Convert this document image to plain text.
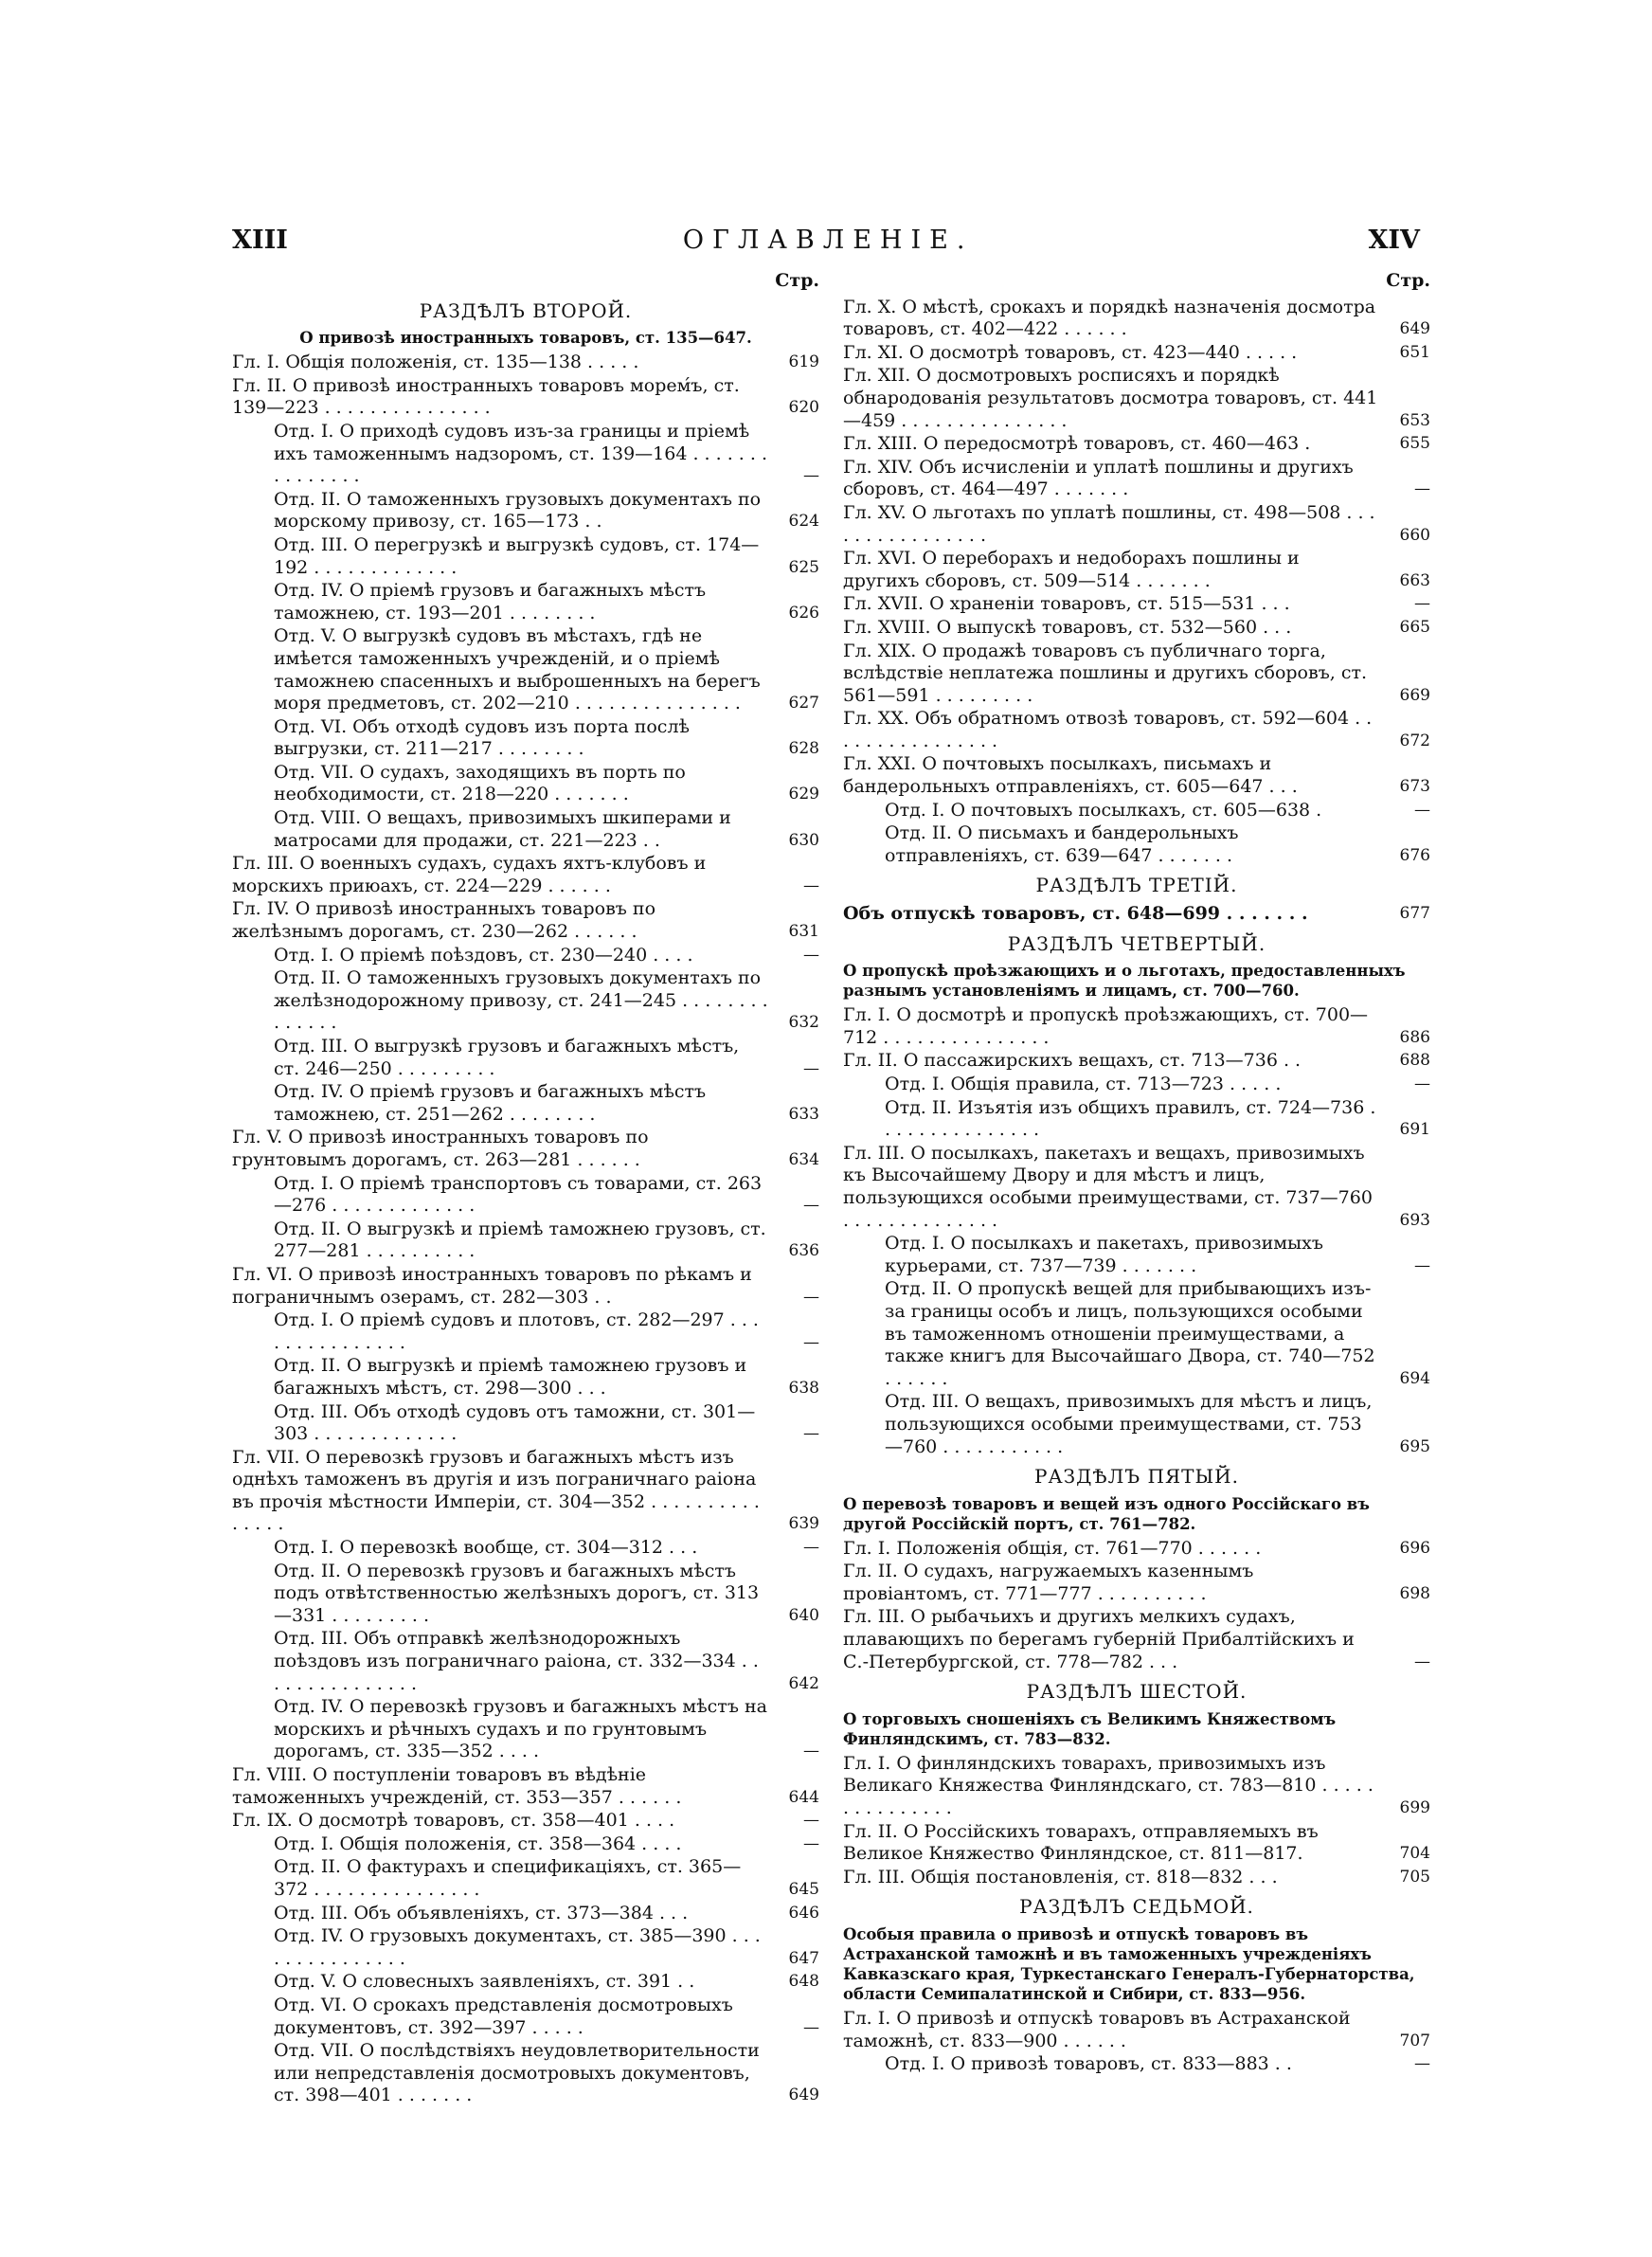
XIII	ОГЛАВЛЕНІЕ.	XIV
Стр.
РАЗДѢЛЪ ВТОРОЙ.
О привозѣ иностранныхъ товаровъ, ст. 135—647.
Гл. I. Общія положенія, ст. 135—138 . . . . .	619
Гл. II. О привозѣ иностранныхъ товаровъ морем́ъ, ст. 139—223 . . . . . . . . . . . . . . .	620
Отд. I. О приходѣ судовъ изъ-за границы и пріемѣ ихъ таможеннымъ надзоромъ, ст. 139—164 . . . . . . . . . . . . . . .	—
Отд. II. О таможенныхъ грузовыхъ документахъ по морскому привозу, ст. 165—173 . .	624
Отд. III. О перегрузкѣ и выгрузкѣ судовъ, ст. 174—192 . . . . . . . . . . . . .	625
Отд. IV. О пріемѣ грузовъ и багажныхъ мѣстъ таможнею, ст. 193—201 . . . . . . . .	626
Отд. V. О выгрузкѣ судовъ въ мѣстахъ, гдѣ не имѣется таможенныхъ учрежденій, и о пріемѣ таможнею спасенныхъ и выброшенныхъ на берегъ моря предметовъ, ст. 202—210 . . . . . . . . . . . . . . .	627
Отд. VI. Объ отходѣ судовъ изъ порта послѣ выгрузки, ст. 211—217 . . . . . . . .	628
Отд. VII. О судахъ, заходящихъ въ порть по необходимости, ст. 218—220 . . . . . . .	629
Отд. VIII. О вещахъ, привозимыхъ шкиперами и матросами для продажи, ст. 221—223 . .	630
Гл. III. О военныхъ судахъ, судахъ яхтъ-клубовъ и морскихъ приюахъ, ст. 224—229 . . . . . .	—
Гл. IV. О привозѣ иностранныхъ товаровъ по желѣзнымъ дорогамъ, ст. 230—262 . . . . . .	631
Отд. I. О пріемѣ поѣздовъ, ст. 230—240 . . . .	—
Отд. II. О таможенныхъ грузовыхъ документахъ по желѣзнодорожному привозу, ст. 241—245 . . . . . . . . . . . . . .	632
Отд. III. О выгрузкѣ грузовъ и багажныхъ мѣстъ, ст. 246—250 . . . . . . . . .	—
Отд. IV. О пріемѣ грузовъ и багажныхъ мѣстъ таможнею, ст. 251—262 . . . . . . . .	633
Гл. V. О привозѣ иностранныхъ товаровъ по грунтовымъ дорогамъ, ст. 263—281 . . . . . .	634
Отд. I. О пріемѣ транспортовъ съ товарами, ст. 263—276 . . . . . . . . . . . . .	—
Отд. II. О выгрузкѣ и пріемѣ таможнею грузовъ, ст. 277—281 . . . . . . . . . .	636
Гл. VI. О привозѣ иностранныхъ товаровъ по рѣкамъ и пограничнымъ озерамъ, ст. 282—303 . .	—
Отд. I. О пріемѣ судовъ и плотовъ, ст. 282—297 . . . . . . . . . . . . . . .	—
Отд. II. О выгрузкѣ и пріемѣ таможнею грузовъ и багажныхъ мѣстъ, ст. 298—300 . . .	638
Отд. III. Объ отходѣ судовъ отъ таможни, ст. 301—303 . . . . . . . . . . . . .	—
Гл. VII. О перевозкѣ грузовъ и багажныхъ мѣстъ изъ однѣхъ таможенъ въ другія и изъ пограничнаго раіона въ прочія мѣстности Имперіи, ст. 304—352 . . . . . . . . . . . . . . .	639
Отд. I. О перевозкѣ вообще, ст. 304—312 . . .	—
Отд. II. О перевозкѣ грузовъ и багажныхъ мѣстъ подъ отвѣтственностью желѣзныхъ дорогъ, ст. 313—331 . . . . . . . . .	640
Отд. III. Объ отправкѣ желѣзнодорожныхъ поѣздовъ изъ пограничнаго раіона, ст. 332—334 . . . . . . . . . . . . . . .	642
Отд. IV. О перевозкѣ грузовъ и багажныхъ мѣстъ на морскихъ и рѣчныхъ судахъ и по грунтовымъ дорогамъ, ст. 335—352 . . . .	—
Гл. VIII. О поступленіи товаровъ въ вѣдѣніе таможенныхъ учрежденій, ст. 353—357 . . . . . .	644
Гл. IX. О досмотрѣ товаровъ, ст. 358—401 . . . .	—
Отд. I. Общія положенія, ст. 358—364 . . . .	—
Отд. II. О фактурахъ и спецификаціяхъ, ст. 365—372 . . . . . . . . . . . . . . .	645
Отд. III. Объ объявленіяхъ, ст. 373—384 . . .	646
Отд. IV. О грузовыхъ документахъ, ст. 385—390 . . . . . . . . . . . . . . .	647
Отд. V. О словесныхъ заявленіяхъ, ст. 391 . .	648
Отд. VI. О срокахъ представленія досмотровыхъ документовъ, ст. 392—397 . . . . .	—
Отд. VII. О послѣдствіяхъ неудовлетворительности или непредставленія досмотровыхъ документовъ, ст. 398—401 . . . . . . .	649
Стр.
Гл. X. О мѣстѣ, срокахъ и порядкѣ назначенія досмотра товаровъ, ст. 402—422 . . . . . .	649
Гл. XI. О досмотрѣ товаровъ, ст. 423—440 . . . . .	651
Гл. XII. О досмотровыхъ росписяхъ и порядкѣ обнародованія результатовъ досмотра товаровъ, ст. 441—459 . . . . . . . . . . . . . . .	653
Гл. XIII. О передосмотрѣ товаровъ, ст. 460—463 .	655
Гл. XIV. Объ исчисленіи и уплатѣ пошлины и другихъ сборовъ, ст. 464—497 . . . . . . .	—
Гл. XV. О льготахъ по уплатѣ пошлины, ст. 498—508 . . . . . . . . . . . . . . . .	660
Гл. XVI. О переборахъ и недоборахъ пошлины и другихъ сборовъ, ст. 509—514 . . . . . . .	663
Гл. XVII. О храненіи товаровъ, ст. 515—531 . . .	—
Гл. XVIII. О выпускѣ товаровъ, ст. 532—560 . . .	665
Гл. XIX. О продажѣ товаровъ съ публичнаго торга, вслѣдствіе неплатежа пошлины и другихъ сборовъ, ст. 561—591 . . . . . . . . .	669
Гл. XX. Объ обратномъ отвозѣ товаровъ, ст. 592—604 . . . . . . . . . . . . . . . .	672
Гл. XXI. О почтовыхъ посылкахъ, письмахъ и бандерольныхъ отправленіяхъ, ст. 605—647 . . .	673
Отд. I. О почтовыхъ посылкахъ, ст. 605—638 .	—
Отд. II. О письмахъ и бандерольныхъ отправленіяхъ, ст. 639—647 . . . . . . .	676
РАЗДѢЛЪ ТРЕТІЙ.
Объ отпускѣ товаровъ, ст. 648—699 . . . . . . .	677
РАЗДѢЛЪ ЧЕТВЕРТЫЙ.
О пропускѣ проѣзжающихъ и о льготахъ, предоставленныхъ разнымъ установленіямъ и лицамъ, ст. 700—760.
Гл. I. О досмотрѣ и пропускѣ проѣзжающихъ, ст. 700—712 . . . . . . . . . . . . . . .	686
Гл. II. О пассажирскихъ вещахъ, ст. 713—736 . .	688
Отд. I. Общія правила, ст. 713—723 . . . . .	—
Отд. II. Изъятія изъ общихъ правилъ, ст. 724—736 . . . . . . . . . . . . . . .	691
Гл. III. О посылкахъ, пакетахъ и вещахъ, привозимыхъ къ Высочайшему Двору и для мѣстъ и лицъ, пользующихся особыми преимуществами, ст. 737—760 . . . . . . . . . . . . . .	693
Отд. I. О посылкахъ и пакетахъ, привозимыхъ курьерами, ст. 737—739 . . . . . . .	—
Отд. II. О пропускѣ вещей для прибывающихъ изъ-за границы особъ и лицъ, пользующихся особыми въ таможенномъ отношеніи преимуществами, а также книгъ для Высочайшаго Двора, ст. 740—752 . . . . . .	694
Отд. III. О вещахъ, привозимыхъ для мѣстъ и лицъ, пользующихся особыми преимуществами, ст. 753—760 . . . . . . . . . . .	695
РАЗДѢЛЪ ПЯТЫЙ.
О перевозѣ товаровъ и вещей изъ одного Россійскаго въ другой Россійскій портъ, ст. 761—782.
Гл. I. Положенія общія, ст. 761—770 . . . . . .	696
Гл. II. О судахъ, нагружаемыхъ казеннымъ провіантомъ, ст. 771—777 . . . . . . . . . .	698
Гл. III. О рыбачьихъ и другихъ мелкихъ судахъ, плавающихъ по берегамъ губерній Прибалтійскихъ и С.-Петербургской, ст. 778—782 . . .	—
РАЗДѢЛЪ ШЕСТОЙ.
О торговыхъ сношеніяхъ съ Великимъ Княжествомъ Финляндскимъ, ст. 783—832.
Гл. I. О финляндскихъ товарахъ, привозимыхъ изъ Великаго Княжества Финляндскаго, ст. 783—810 . . . . . . . . . . . . . . .	699
Гл. II. О Россійскихъ товарахъ, отправляемыхъ въ Великое Княжество Финляндское, ст. 811—817.	704
Гл. III. Общія постановленія, ст. 818—832 . . .	705
РАЗДѢЛЪ СЕДЬМОЙ.
Особыя правила о привозѣ и отпускѣ товаровъ въ Астраханской таможнѣ и въ таможенныхъ учрежденіяхъ Кавказскаго края, Туркестанскаго Генералъ-Губернаторства, области Семипалатинской и Сибири, ст. 833—956.
Гл. I. О привозѣ и отпускѣ товаровъ въ Астраханской таможнѣ, ст. 833—900 . . . . . .	707
Отд. I. О привозѣ товаровъ, ст. 833—883 . .	—
